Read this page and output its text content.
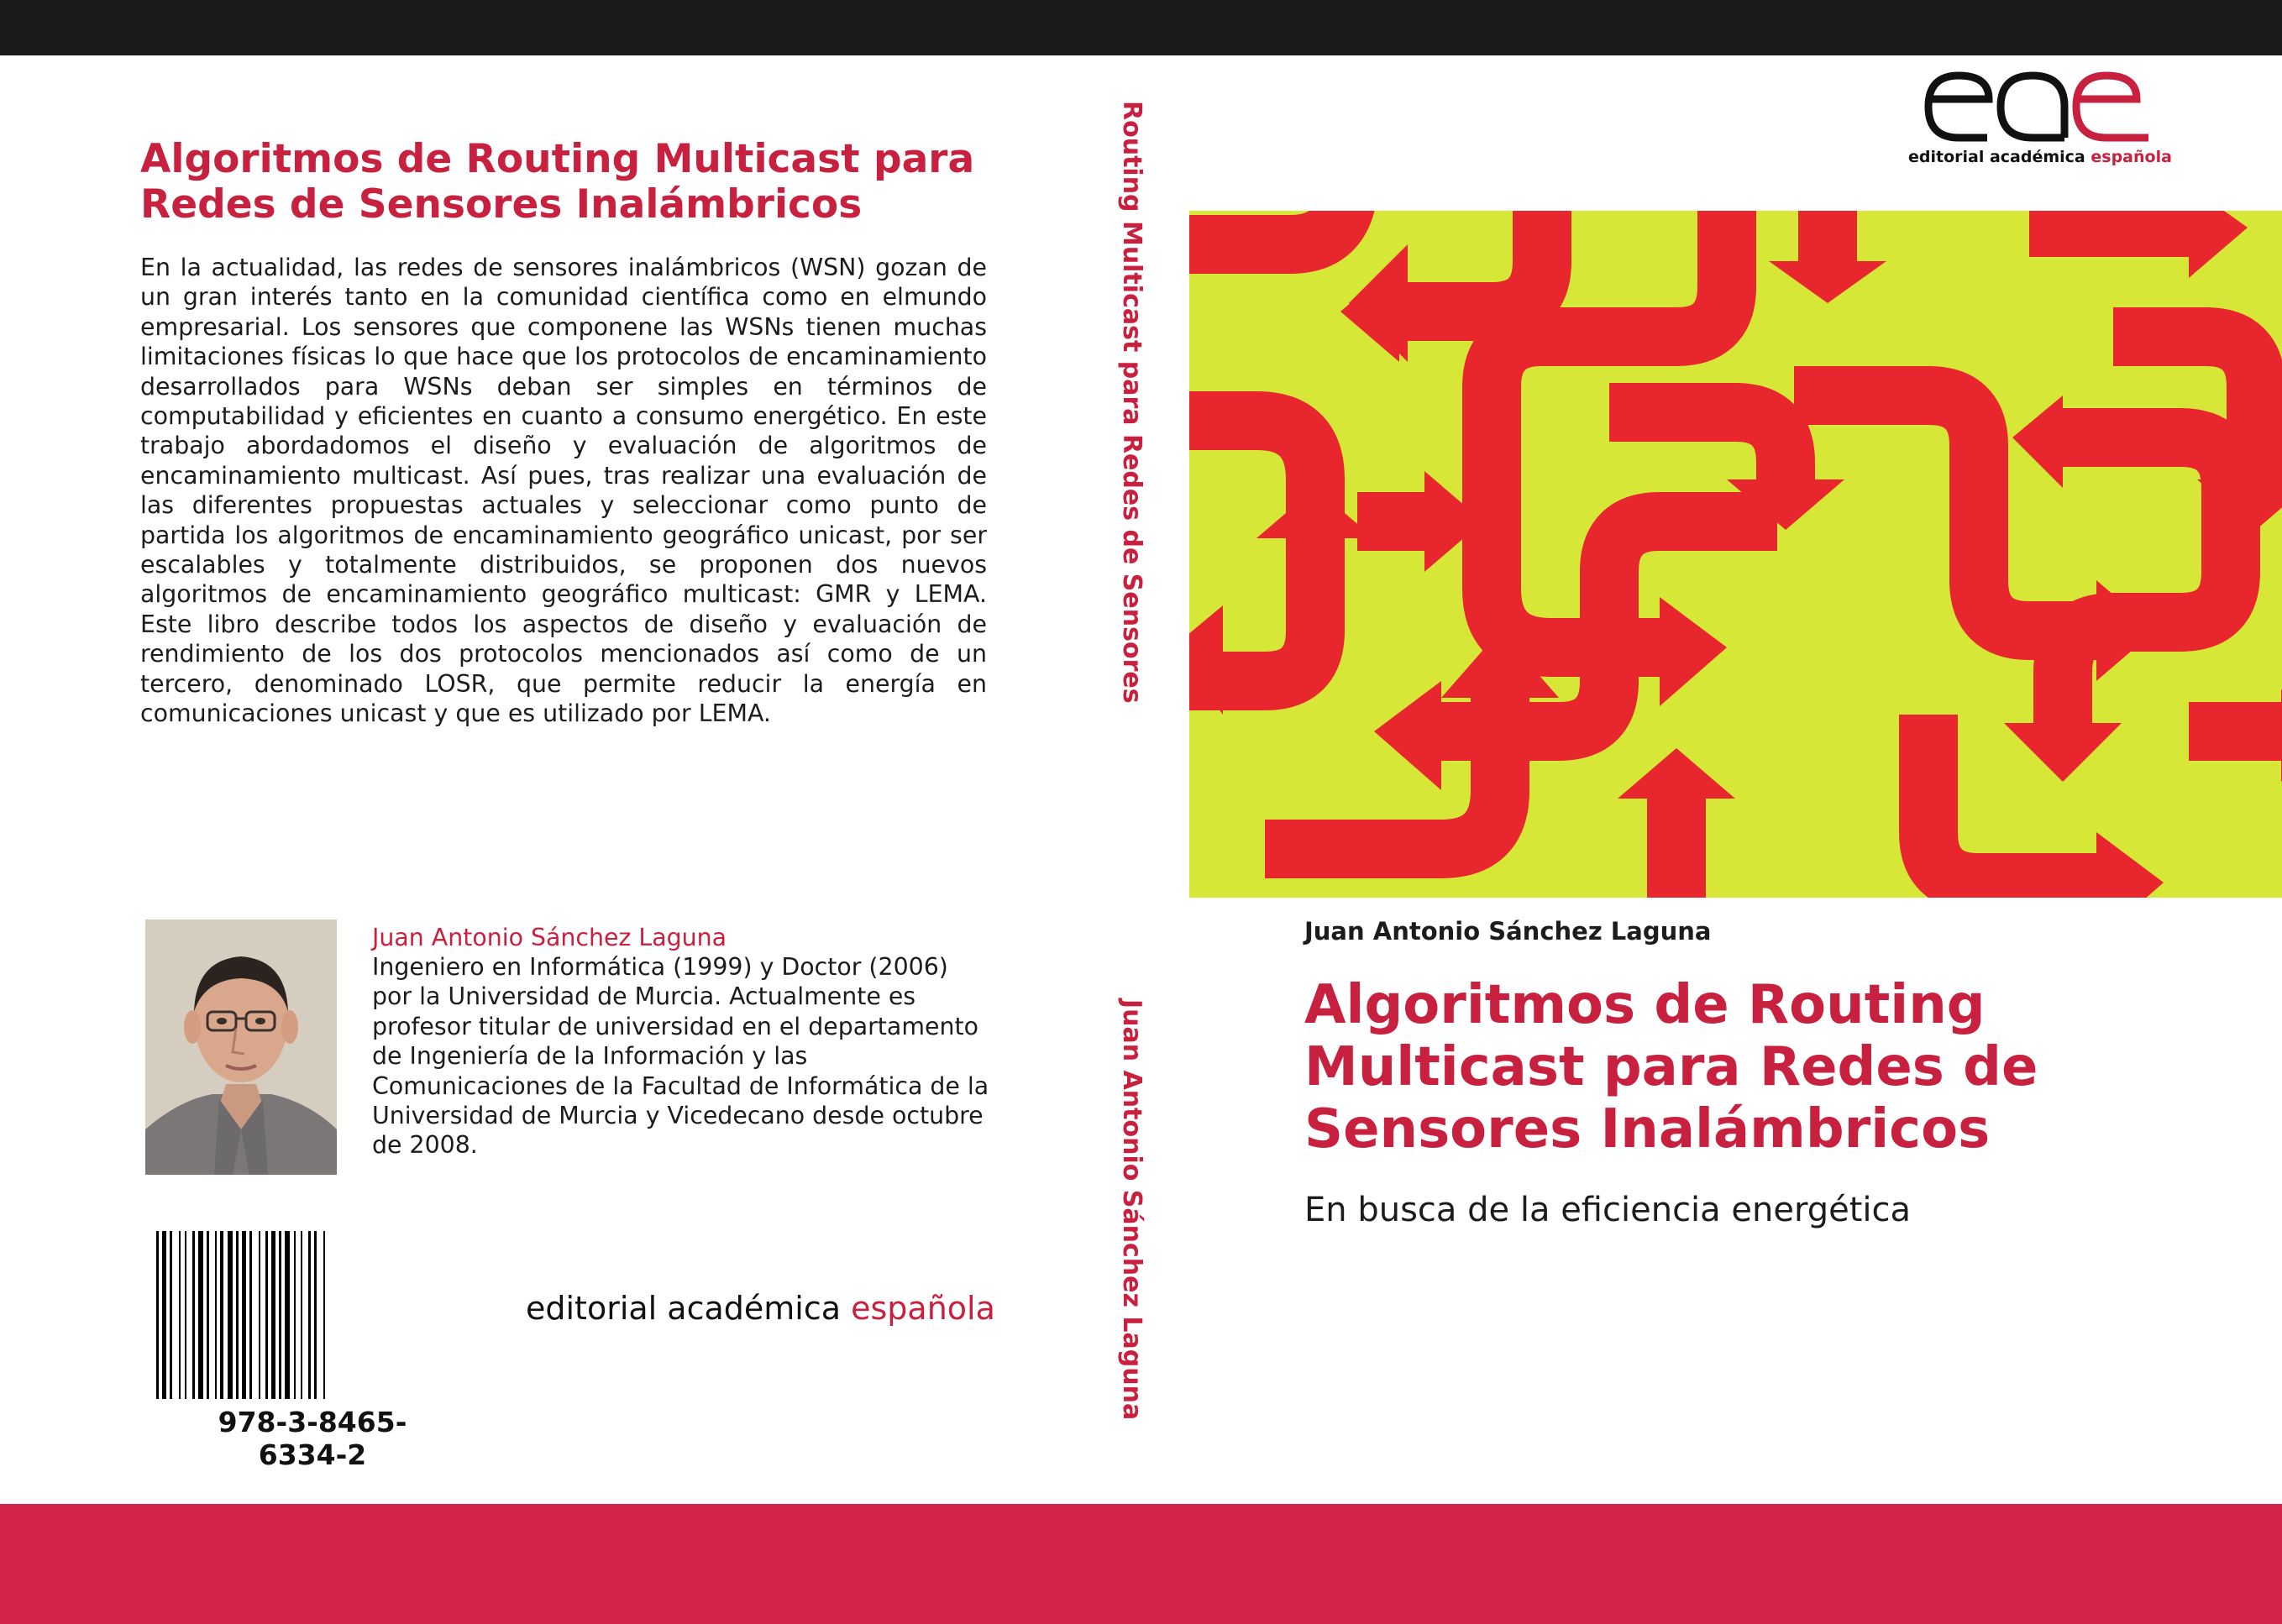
Algoritmos de Routing Multicast para Redes de Sensores Inalámbricos

En la actualidad, las redes de sensores inalámbricos (WSN) gozan de un gran interés tanto en la comunidad científica como en elmundo empresarial. Los sensores que componene las WSNs tienen muchas limitaciones físicas lo que hace que los protocolos de encaminamiento desarrollados para WSNs deban ser simples en términos de computabilidad y eficientes en cuanto a consumo energético. En este trabajo abordadomos el diseño y evaluación de algoritmos de encaminamiento multicast. Así pues, tras realizar una evaluación de las diferentes propuestas actuales y seleccionar como punto de partida los algoritmos de encaminamiento geográfico unicast, por ser escalables y totalmente distribuidos, se proponen dos nuevos algoritmos de encaminamiento geográfico multicast: GMR y LEMA. Este libro describe todos los aspectos de diseño y evaluación de rendimiento de los dos protocolos mencionados así como de un tercero, denominado LOSR, que permite reducir la energía en comunicaciones unicast y que es utilizado por LEMA.

Juan Antonio Sánchez Laguna

Ingeniero en Informática (1999) y Doctor (2006) por la Universidad de Murcia. Actualmente es profesor titular de universidad en el departamento de Ingeniería de la Información y las Comunicaciones de la Facultad de Informática de la Universidad de Murcia y Vicedecano desde octubre de 2008.

978-3-8465-6334-2
editorial académica española
Routing Multicast para Redes de Sensores
Juan Antonio Sánchez Laguna
editorial académica española
Juan Antonio Sánchez Laguna
Algoritmos de Routing Multicast para Redes de Sensores Inalámbricos
En busca de la eficiencia energética
